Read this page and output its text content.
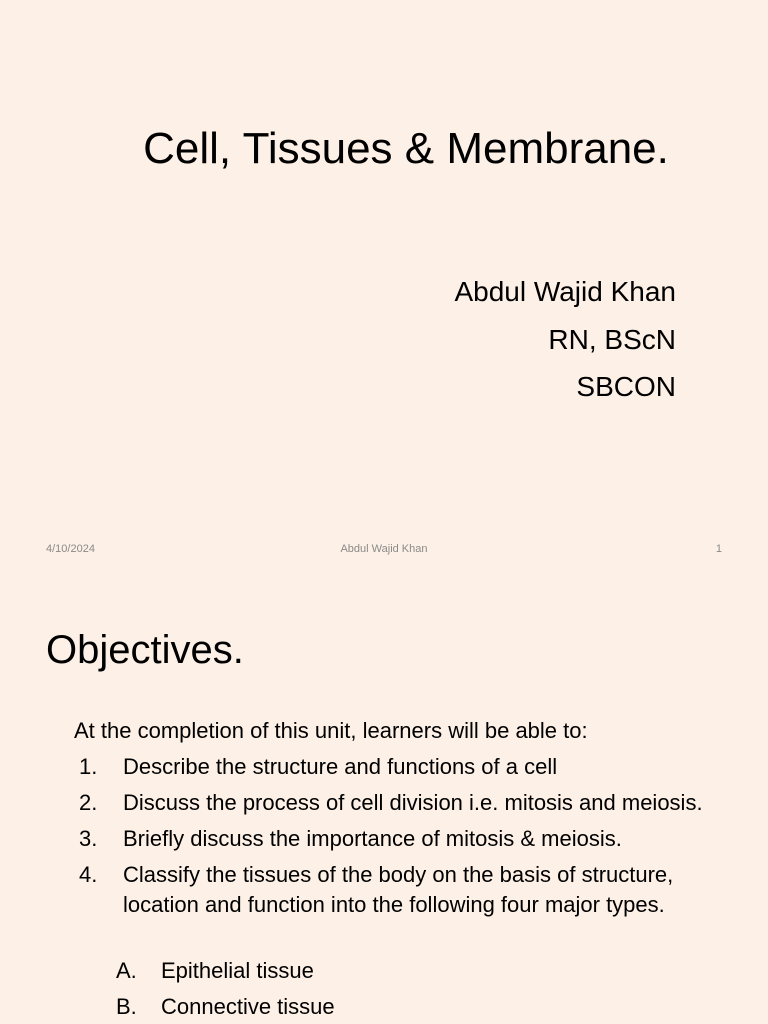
Cell, Tissues & Membrane.
Abdul Wajid Khan
RN, BScN
SBCON
4/10/2024	Abdul Wajid Khan	1
Objectives.
At the completion of this unit, learners will be able to:
1. Describe the structure and functions of a cell
2. Discuss the process of cell division i.e. mitosis and meiosis.
3. Briefly discuss the importance of mitosis & meiosis.
4. Classify the tissues of the body on the basis of structure, location and function into the following four major types.
A. Epithelial tissue
B. Connective tissue
